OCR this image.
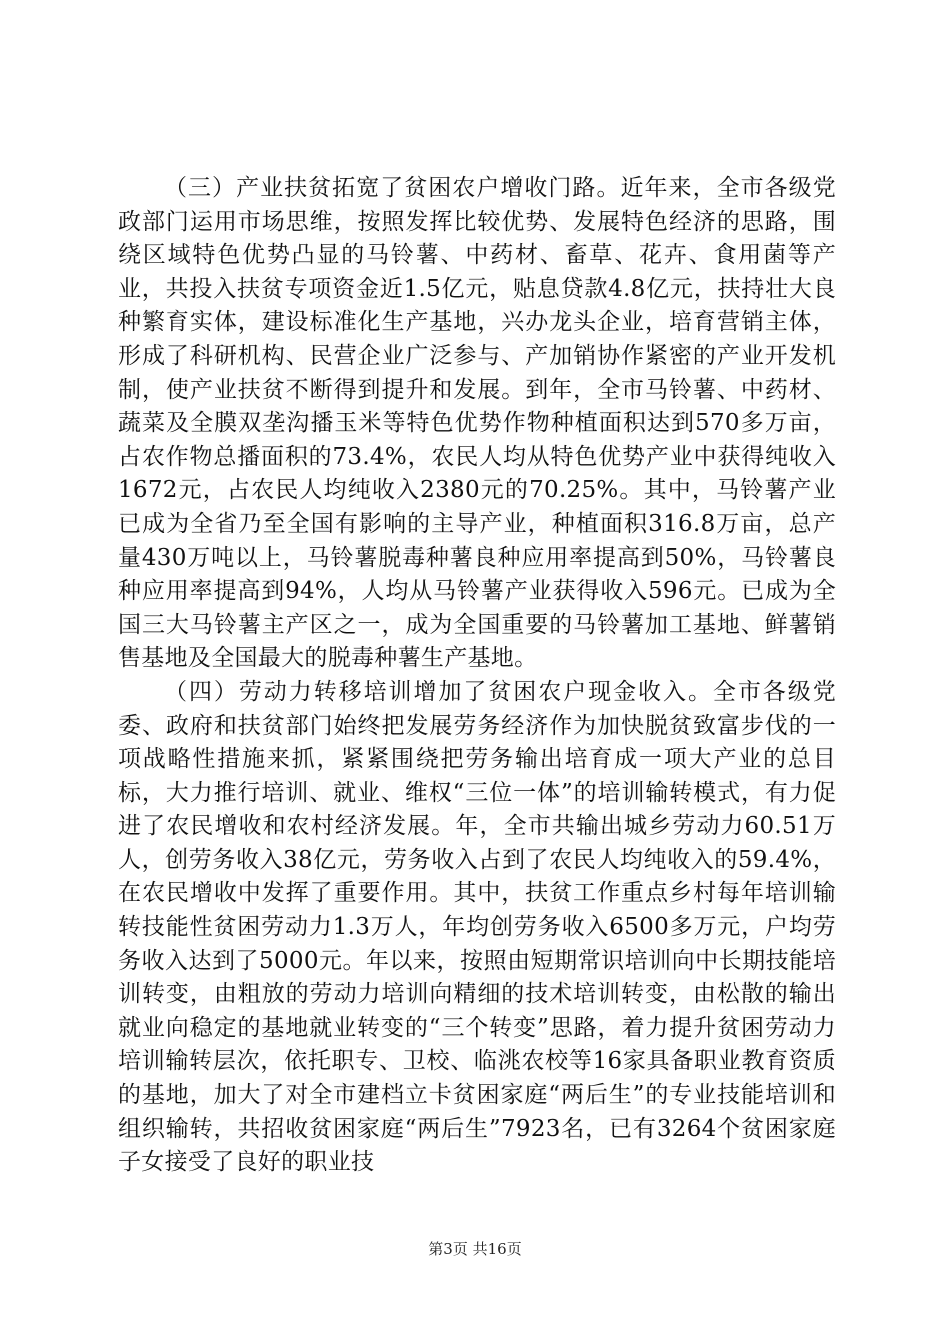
（三）产业扶贫拓宽了贫困农户增收门路。近年来，全市各级党政部门运用市场思维，按照发挥比较优势、发展特色经济的思路，围绕区域特色优势凸显的马铃薯、中药材、畜草、花卉、食用菌等产业，共投入扶贫专项资金近1.5亿元，贴息贷款4.8亿元，扶持壮大良种繁育实体，建设标准化生产基地，兴办龙头企业，培育营销主体，形成了科研机构、民营企业广泛参与、产加销协作紧密的产业开发机制，使产业扶贫不断得到提升和发展。到年，全市马铃薯、中药材、蔬菜及全膜双垄沟播玉米等特色优势作物种植面积达到570多万亩，占农作物总播面积的73.4%，农民人均从特色优势产业中获得纯收入1672元，占农民人均纯收入2380元的70.25%。其中，马铃薯产业已成为全省乃至全国有影响的主导产业，种植面积316.8万亩，总产量430万吨以上，马铃薯脱毒种薯良种应用率提高到50%，马铃薯良种应用率提高到94%，人均从马铃薯产业获得收入596元。已成为全国三大马铃薯主产区之一，成为全国重要的马铃薯加工基地、鲜薯销售基地及全国最大的脱毒种薯生产基地。

（四）劳动力转移培训增加了贫困农户现金收入。全市各级党委、政府和扶贫部门始终把发展劳务经济作为加快脱贫致富步伐的一项战略性措施来抓，紧紧围绕把劳务输出培育成一项大产业的总目标，大力推行培训、就业、维权“三位一体”的培训输转模式，有力促进了农民增收和农村经济发展。年，全市共输出城乡劳动力60.51万人，创劳务收入38亿元，劳务收入占到了农民人均纯收入的59.4%，在农民增收中发挥了重要作用。其中，扶贫工作重点乡村每年培训输转技能性贫困劳动力1.3万人，年均创劳务收入6500多万元，户均劳务收入达到了5000元。年以来，按照由短期常识培训向中长期技能培训转变，由粗放的劳动力培训向精细的技术培训转变，由松散的输出就业向稳定的基地就业转变的“三个转变”思路，着力提升贫困劳动力培训输转层次，依托职专、卫校、临洮农校等16家具备职业教育资质的基地，加大了对全市建档立卡贫困家庭“两后生”的专业技能培训和组织输转，共招收贫困家庭“两后生”7923名，已有3264个贫困家庭子女接受了良好的职业技

第3页 共16页
